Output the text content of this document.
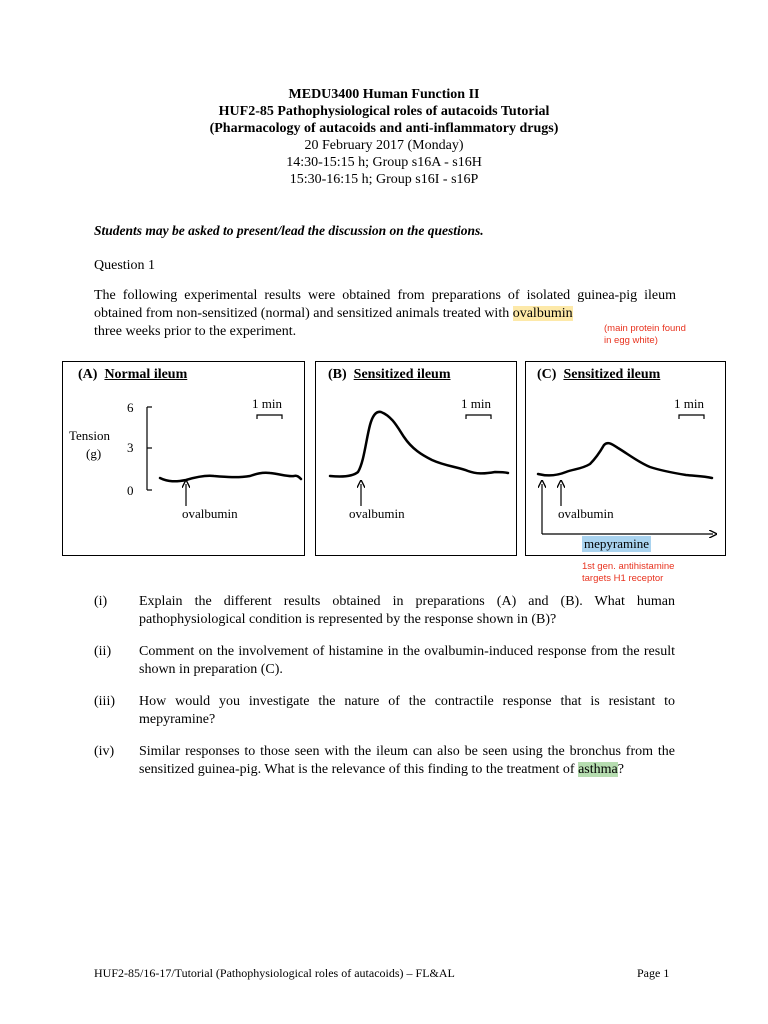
MEDU3400 Human Function II
HUF2-85 Pathophysiological roles of autacoids Tutorial
(Pharmacology of autacoids and anti-inflammatory drugs)
20 February 2017 (Monday)
14:30-15:15 h; Group s16A - s16H
15:30-16:15 h; Group s16I - s16P
Students may be asked to present/lead the discussion on the questions.
Question 1
The following experimental results were obtained from preparations of isolated guinea-pig ileum obtained from non-sensitized (normal) and sensitized animals treated with ovalbumin
three weeks prior to the experiment.	(main protein found
in egg white)
(A) Normal ileum
1 min
6
3
0
Tension
(g)
ovalbumin
(B) Sensitized ileum
1 min
ovalbumin
(C) Sensitized ileum
1 min
ovalbumin
mepyramine
1st gen. antihistamine
targets H1 receptor
(i)	Explain the different results obtained in preparations (A) and (B). What human pathophysiological condition is represented by the response shown in (B)?
(ii)	Comment on the involvement of histamine in the ovalbumin-induced response from the result shown in preparation (C).
(iii)	How would you investigate the nature of the contractile response that is resistant to mepyramine?
(iv)	Similar responses to those seen with the ileum can also be seen using the bronchus from the sensitized guinea-pig. What is the relevance of this finding to the treatment of asthma?
HUF2-85/16-17/Tutorial (Pathophysiological roles of autacoids) – FL&AL	Page 1
